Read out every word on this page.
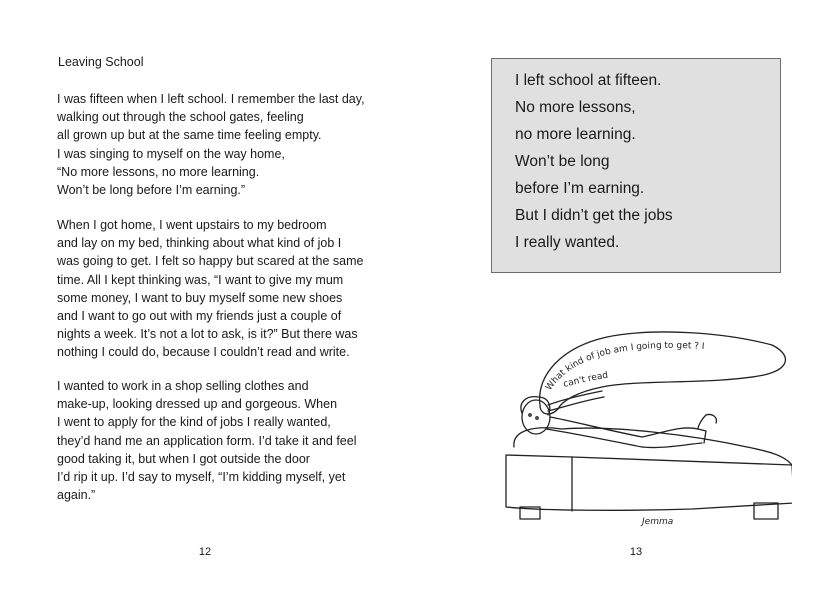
Leaving School
I was fifteen when I left school. I remember the last day,
walking out through the school gates, feeling
all grown up but at the same time feeling empty.
I was singing to myself on the way home,
“No more lessons, no more learning.
Won’t be long before I’m earning.”
When I got home, I went upstairs to my bedroom
and lay on my bed, thinking about what kind of job I
was going to get. I felt so happy but scared at the same
time. All I kept thinking was, “I want to give my mum
some money, I want to buy myself some new shoes
and I want to go out with my friends just a couple of
nights a week. It’s not a lot to ask, is it?” But there was
nothing I could do, because I couldn’t read and write.
I wanted to work in a shop selling clothes and
make-up, looking dressed up and gorgeous. When
I went to apply for the kind of jobs I really wanted,
they’d hand me an application form. I’d take it and feel
good taking it, but when I got outside the door
I’d rip it up. I’d say to myself, “I’m kidding myself, yet
again.”
12
I left school at fifteen.
No more lessons,
no more learning.
Won’t be long
before I’m earning.
But I didn’t get the jobs
I really wanted.
What kind of job am I going to get ? I
can't read
Jemma
13
